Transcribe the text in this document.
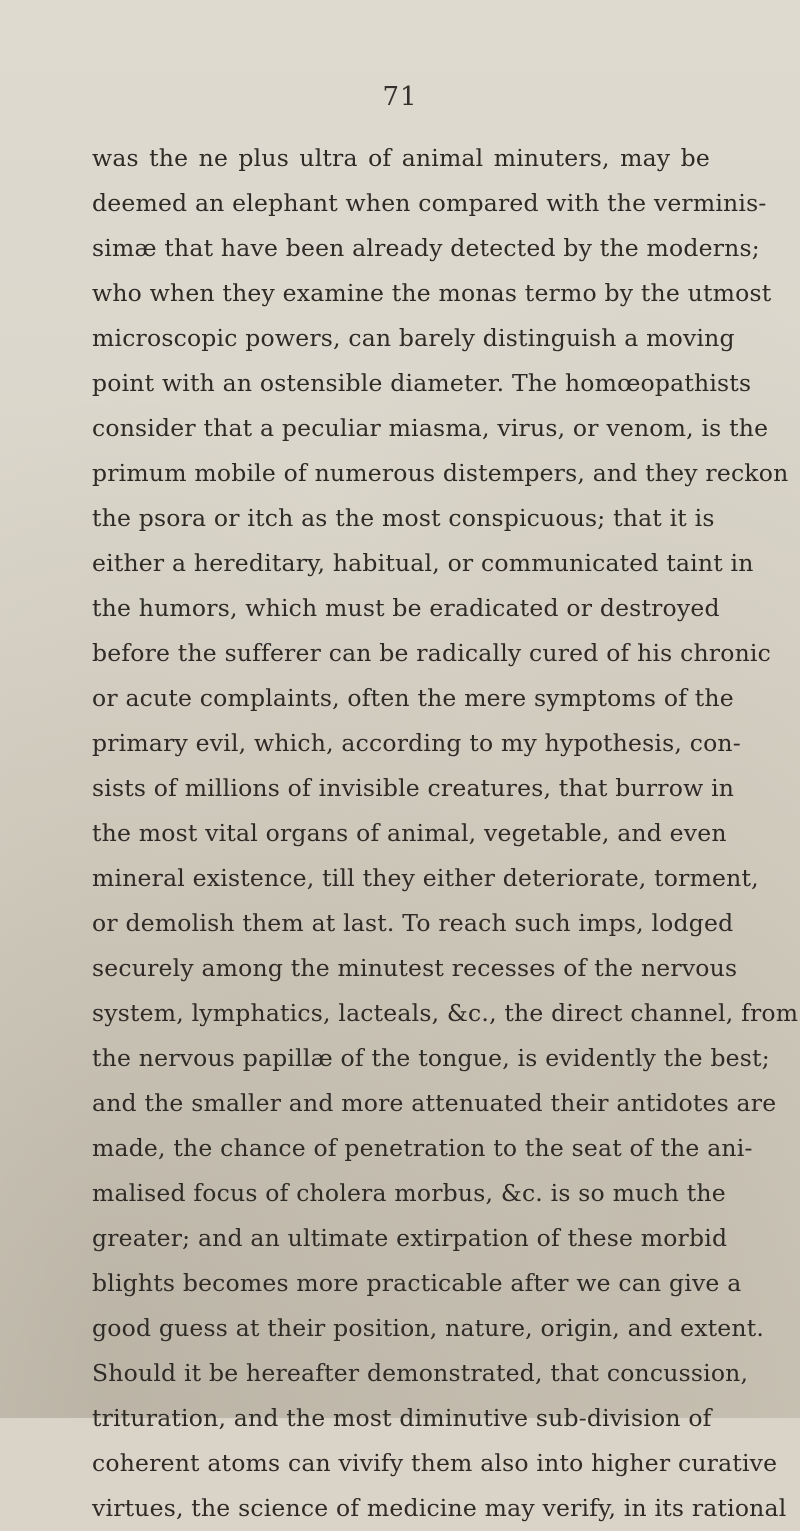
71
was the ne plus ultra of animal minuters, may be
deemed an elephant when compared with the verminis-
simæ that have been already detected by the moderns;
who when they examine the monas termo by the utmost
microscopic powers, can barely distinguish a moving
point with an ostensible diameter. The homœopathists
consider that a peculiar miasma, virus, or venom, is the
primum mobile of numerous distempers, and they reckon
the psora or itch as the most conspicuous; that it is
either a hereditary, habitual, or communicated taint in
the humors, which must be eradicated or destroyed
before the sufferer can be radically cured of his chronic
or acute complaints, often the mere symptoms of the
primary evil, which, according to my hypothesis, con-
sists of millions of invisible creatures, that burrow in
the most vital organs of animal, vegetable, and even
mineral existence, till they either deteriorate, torment,
or demolish them at last. To reach such imps, lodged
securely among the minutest recesses of the nervous
system, lymphatics, lacteals, &c., the direct channel, from
the nervous papillæ of the tongue, is evidently the best;
and the smaller and more attenuated their antidotes are
made, the chance of penetration to the seat of the ani-
malised focus of cholera morbus, &c. is so much the
greater; and an ultimate extirpation of these morbid
blights becomes more practicable after we can give a
good guess at their position, nature, origin, and extent.
Should it be hereafter demonstrated, that concussion,
trituration, and the most diminutive sub-division of
coherent atoms can vivify them also into higher curative
virtues, the science of medicine may verify, in its rational
